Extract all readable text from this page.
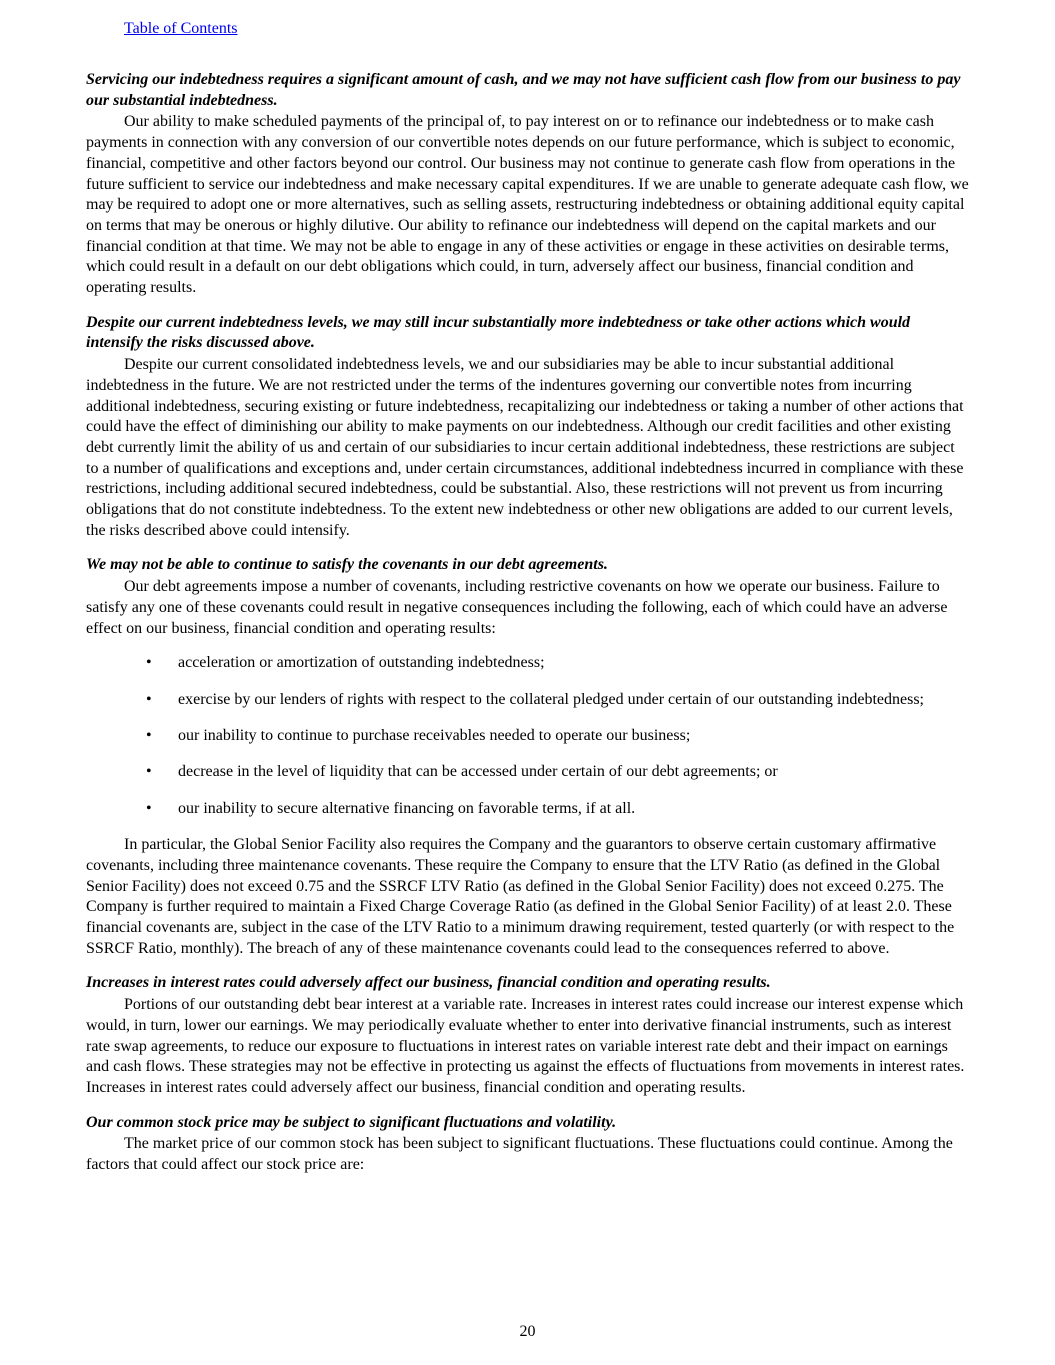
Table of Contents
Servicing our indebtedness requires a significant amount of cash, and we may not have sufficient cash flow from our business to pay our substantial indebtedness.

Our ability to make scheduled payments of the principal of, to pay interest on or to refinance our indebtedness or to make cash payments in connection with any conversion of our convertible notes depends on our future performance, which is subject to economic, financial, competitive and other factors beyond our control. Our business may not continue to generate cash flow from operations in the future sufficient to service our indebtedness and make necessary capital expenditures. If we are unable to generate adequate cash flow, we may be required to adopt one or more alternatives, such as selling assets, restructuring indebtedness or obtaining additional equity capital on terms that may be onerous or highly dilutive. Our ability to refinance our indebtedness will depend on the capital markets and our financial condition at that time. We may not be able to engage in any of these activities or engage in these activities on desirable terms, which could result in a default on our debt obligations which could, in turn, adversely affect our business, financial condition and operating results.

Despite our current indebtedness levels, we may still incur substantially more indebtedness or take other actions which would intensify the risks discussed above.

Despite our current consolidated indebtedness levels, we and our subsidiaries may be able to incur substantial additional indebtedness in the future. We are not restricted under the terms of the indentures governing our convertible notes from incurring additional indebtedness, securing existing or future indebtedness, recapitalizing our indebtedness or taking a number of other actions that could have the effect of diminishing our ability to make payments on our indebtedness. Although our credit facilities and other existing debt currently limit the ability of us and certain of our subsidiaries to incur certain additional indebtedness, these restrictions are subject to a number of qualifications and exceptions and, under certain circumstances, additional indebtedness incurred in compliance with these restrictions, including additional secured indebtedness, could be substantial. Also, these restrictions will not prevent us from incurring obligations that do not constitute indebtedness. To the extent new indebtedness or other new obligations are added to our current levels, the risks described above could intensify.

We may not be able to continue to satisfy the covenants in our debt agreements.

Our debt agreements impose a number of covenants, including restrictive covenants on how we operate our business. Failure to satisfy any one of these covenants could result in negative consequences including the following, each of which could have an adverse effect on our business, financial condition and operating results:

• acceleration or amortization of outstanding indebtedness;
• exercise by our lenders of rights with respect to the collateral pledged under certain of our outstanding indebtedness;
• our inability to continue to purchase receivables needed to operate our business;
• decrease in the level of liquidity that can be accessed under certain of our debt agreements; or
• our inability to secure alternative financing on favorable terms, if at all.

In particular, the Global Senior Facility also requires the Company and the guarantors to observe certain customary affirmative covenants, including three maintenance covenants. These require the Company to ensure that the LTV Ratio (as defined in the Global Senior Facility) does not exceed 0.75 and the SSRCF LTV Ratio (as defined in the Global Senior Facility) does not exceed 0.275. The Company is further required to maintain a Fixed Charge Coverage Ratio (as defined in the Global Senior Facility) of at least 2.0. These financial covenants are, subject in the case of the LTV Ratio to a minimum drawing requirement, tested quarterly (or with respect to the SSRCF Ratio, monthly). The breach of any of these maintenance covenants could lead to the consequences referred to above.

Increases in interest rates could adversely affect our business, financial condition and operating results.

Portions of our outstanding debt bear interest at a variable rate. Increases in interest rates could increase our interest expense which would, in turn, lower our earnings. We may periodically evaluate whether to enter into derivative financial instruments, such as interest rate swap agreements, to reduce our exposure to fluctuations in interest rates on variable interest rate debt and their impact on earnings and cash flows. These strategies may not be effective in protecting us against the effects of fluctuations from movements in interest rates. Increases in interest rates could adversely affect our business, financial condition and operating results.

Our common stock price may be subject to significant fluctuations and volatility.

The market price of our common stock has been subject to significant fluctuations. These fluctuations could continue. Among the factors that could affect our stock price are:

20
